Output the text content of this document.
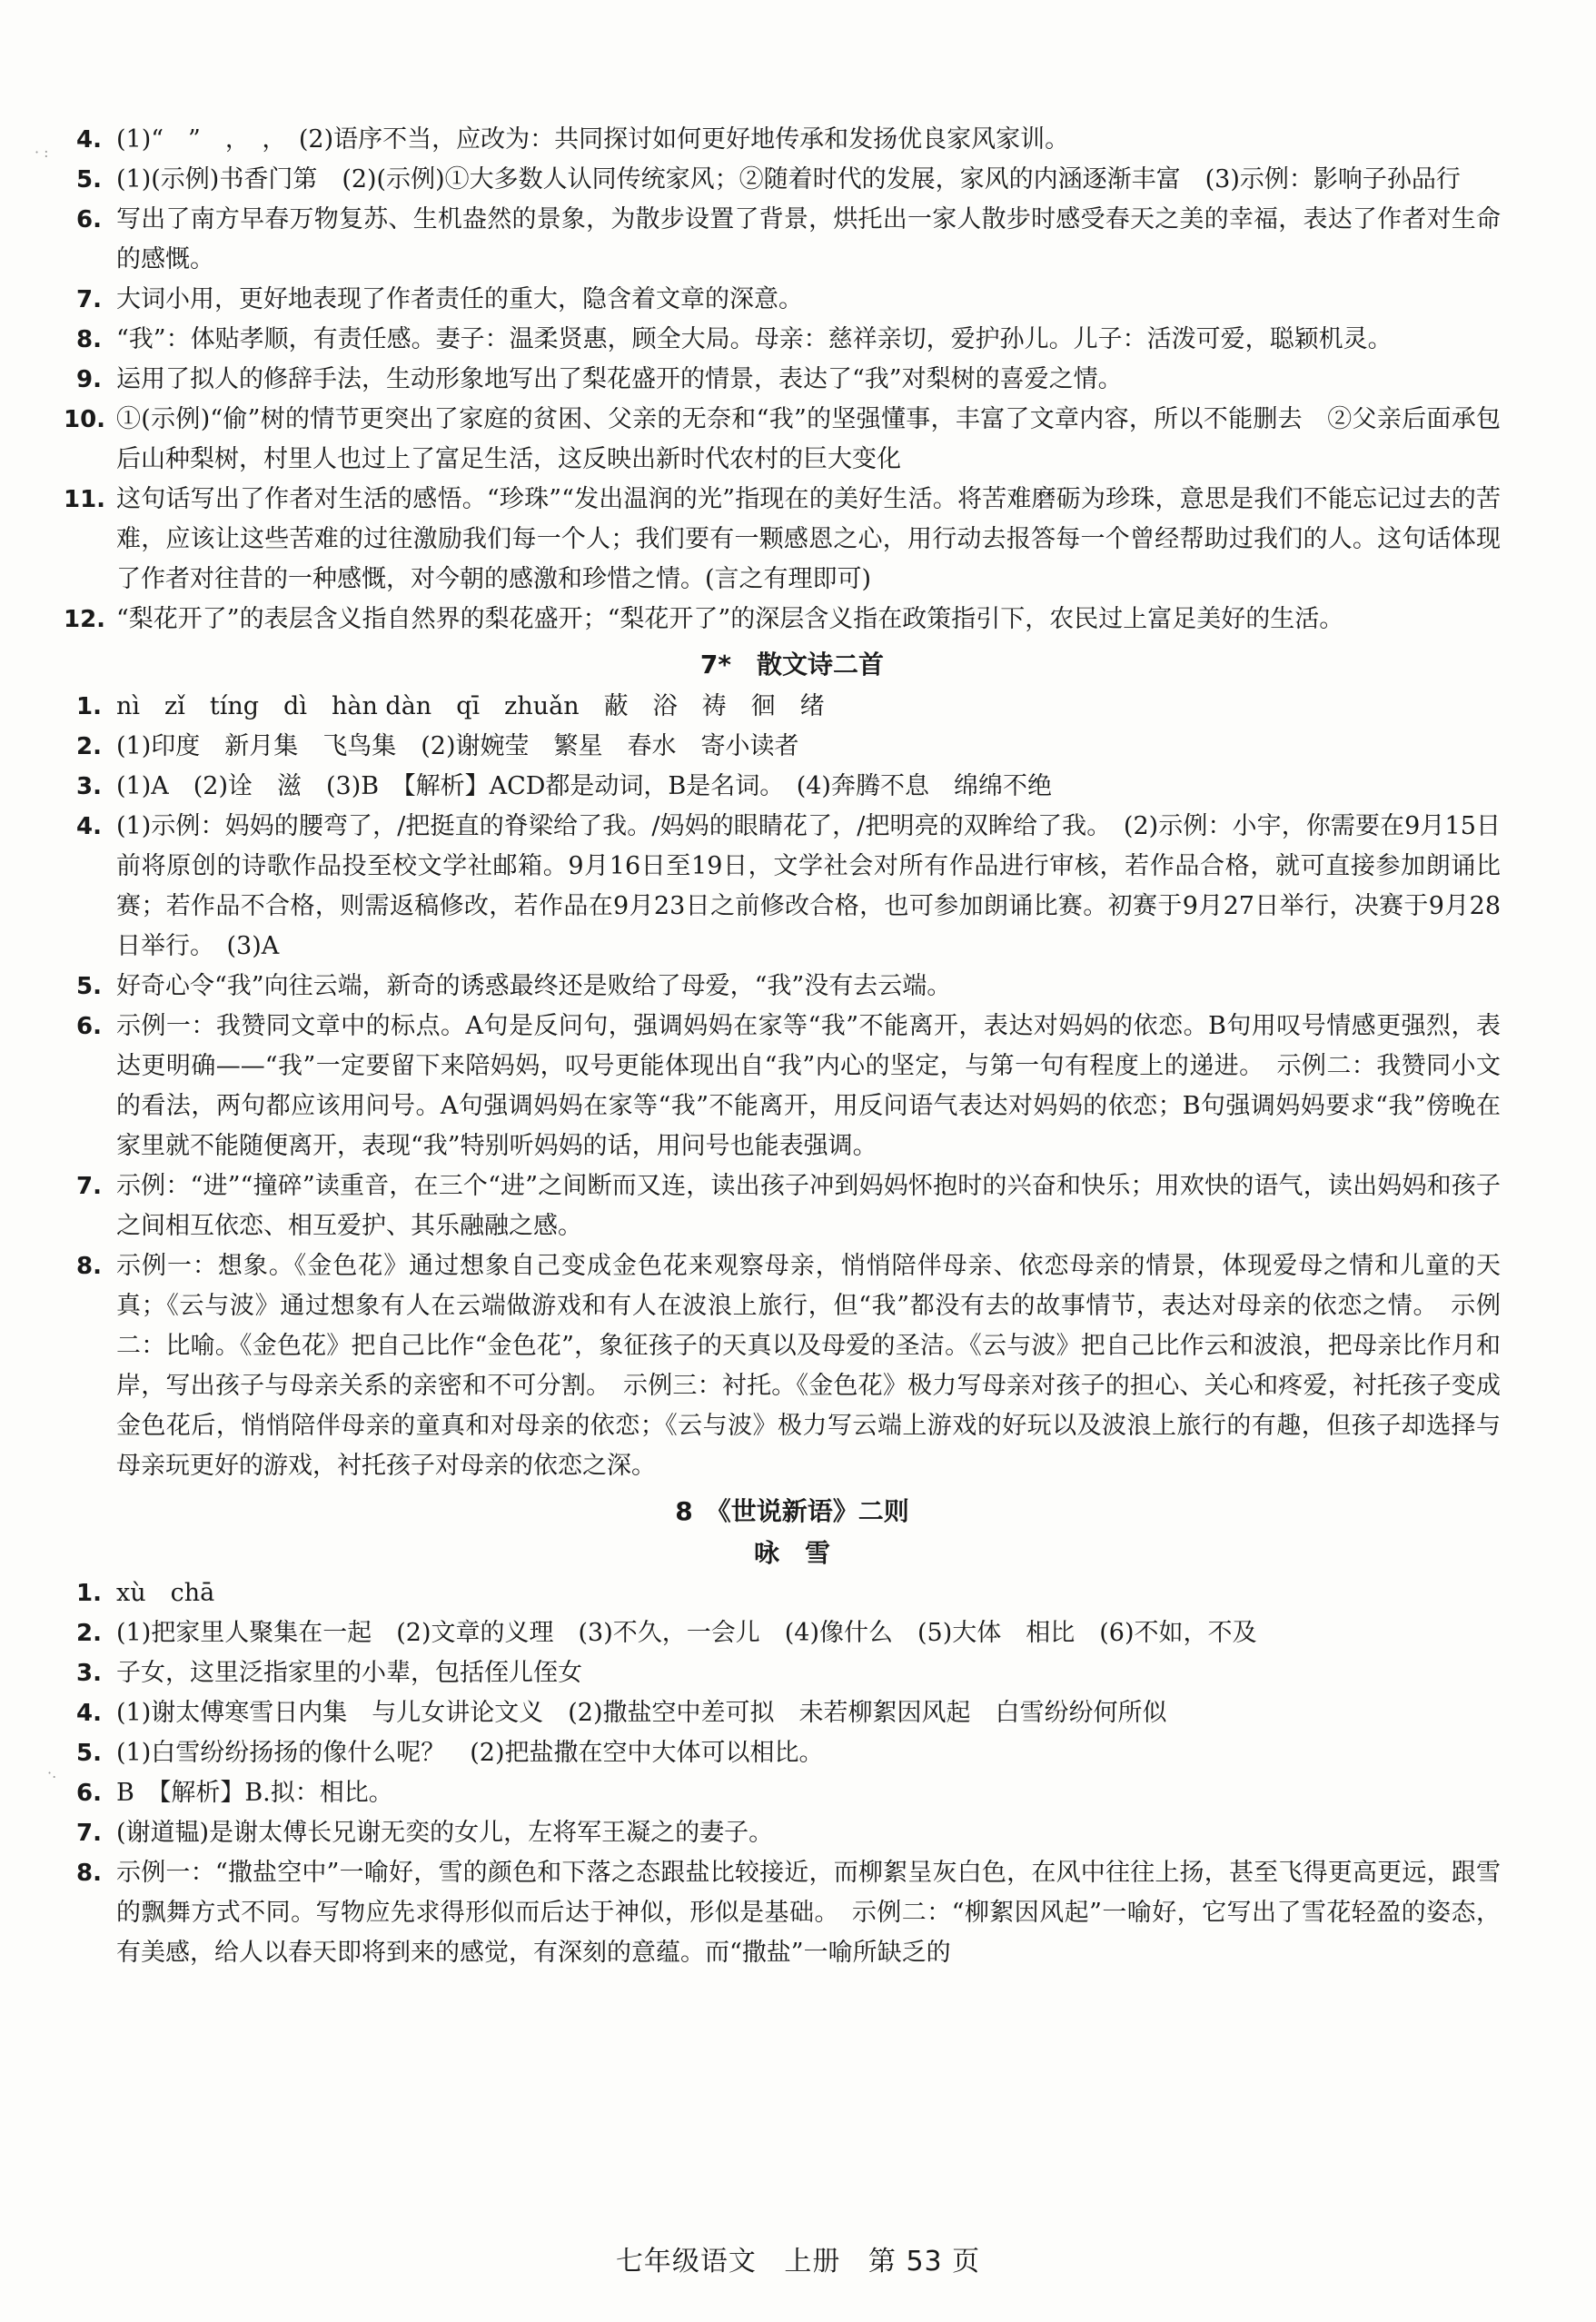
· :
·.
4. (1)“　”　，　，　(2)语序不当，应改为：共同探讨如何更好地传承和发扬优良家风家训。
5. (1)(示例)书香门第　(2)(示例)①大多数人认同传统家风；②随着时代的发展，家风的内涵逐渐丰富　(3)示例：影响子孙品行
6. 写出了南方早春万物复苏、生机盎然的景象，为散步设置了背景，烘托出一家人散步时感受春天之美的幸福，表达了作者对生命的感慨。
7. 大词小用，更好地表现了作者责任的重大，隐含着文章的深意。
8. “我”：体贴孝顺，有责任感。妻子：温柔贤惠，顾全大局。母亲：慈祥亲切，爱护孙儿。儿子：活泼可爱，聪颖机灵。
9. 运用了拟人的修辞手法，生动形象地写出了梨花盛开的情景，表达了“我”对梨树的喜爱之情。
10. ①(示例)“偷”树的情节更突出了家庭的贫困、父亲的无奈和“我”的坚强懂事，丰富了文章内容，所以不能删去　②父亲后面承包后山种梨树，村里人也过上了富足生活，这反映出新时代农村的巨大变化
11. 这句话写出了作者对生活的感悟。“珍珠”“发出温润的光”指现在的美好生活。将苦难磨砺为珍珠，意思是我们不能忘记过去的苦难，应该让这些苦难的过往激励我们每一个人；我们要有一颗感恩之心，用行动去报答每一个曾经帮助过我们的人。这句话体现了作者对往昔的一种感慨，对今朝的感激和珍惜之情。(言之有理即可)
12. “梨花开了”的表层含义指自然界的梨花盛开；“梨花开了”的深层含义指在政策指引下，农民过上富足美好的生活。
7*　散文诗二首
1. nì　zǐ　tíng　dì　hàn dàn　qī　zhuǎn　蔽　浴　祷　徊　绪
2. (1)印度　新月集　飞鸟集　(2)谢婉莹　繁星　春水　寄小读者
3. (1)A　(2)诠　滋　(3)B　【解析】ACD都是动词，B是名词。　(4)奔腾不息　绵绵不绝
4. (1)示例：妈妈的腰弯了，/把挺直的脊梁给了我。/妈妈的眼睛花了，/把明亮的双眸给了我。　(2)示例：小宇，你需要在9月15日前将原创的诗歌作品投至校文学社邮箱。9月16日至19日，文学社会对所有作品进行审核，若作品合格，就可直接参加朗诵比赛；若作品不合格，则需返稿修改，若作品在9月23日之前修改合格，也可参加朗诵比赛。初赛于9月27日举行，决赛于9月28日举行。　(3)A
5. 好奇心令“我”向往云端，新奇的诱惑最终还是败给了母爱，“我”没有去云端。
6. 示例一：我赞同文章中的标点。A句是反问句，强调妈妈在家等“我”不能离开，表达对妈妈的依恋。B句用叹号情感更强烈，表达更明确——“我”一定要留下来陪妈妈，叹号更能体现出自“我”内心的坚定，与第一句有程度上的递进。　示例二：我赞同小文的看法，两句都应该用问号。A句强调妈妈在家等“我”不能离开，用反问语气表达对妈妈的依恋；B句强调妈妈要求“我”傍晚在家里就不能随便离开，表现“我”特别听妈妈的话，用问号也能表强调。
7. 示例：“进”“撞碎”读重音，在三个“进”之间断而又连，读出孩子冲到妈妈怀抱时的兴奋和快乐；用欢快的语气，读出妈妈和孩子之间相互依恋、相互爱护、其乐融融之感。
8. 示例一：想象。《金色花》通过想象自己变成金色花来观察母亲，悄悄陪伴母亲、依恋母亲的情景，体现爱母之情和儿童的天真；《云与波》通过想象有人在云端做游戏和有人在波浪上旅行，但“我”都没有去的故事情节，表达对母亲的依恋之情。　示例二：比喻。《金色花》把自己比作“金色花”，象征孩子的天真以及母爱的圣洁。《云与波》把自己比作云和波浪，把母亲比作月和岸，写出孩子与母亲关系的亲密和不可分割。　示例三：衬托。《金色花》极力写母亲对孩子的担心、关心和疼爱，衬托孩子变成金色花后，悄悄陪伴母亲的童真和对母亲的依恋；《云与波》极力写云端上游戏的好玩以及波浪上旅行的有趣，但孩子却选择与母亲玩更好的游戏，衬托孩子对母亲的依恋之深。
8　《世说新语》二则
咏　雪
1. xù　chā
2. (1)把家里人聚集在一起　(2)文章的义理　(3)不久，一会儿　(4)像什么　(5)大体　相比　(6)不如，不及
3. 子女，这里泛指家里的小辈，包括侄儿侄女
4. (1)谢太傅寒雪日内集　与儿女讲论文义　(2)撒盐空中差可拟　未若柳絮因风起　白雪纷纷何所似
5. (1)白雪纷纷扬扬的像什么呢？　(2)把盐撒在空中大体可以相比。
6. B　【解析】B.拟：相比。
7. (谢道韫)是谢太傅长兄谢无奕的女儿，左将军王凝之的妻子。
8. 示例一：“撒盐空中”一喻好，雪的颜色和下落之态跟盐比较接近，而柳絮呈灰白色，在风中往往上扬，甚至飞得更高更远，跟雪的飘舞方式不同。写物应先求得形似而后达于神似，形似是基础。　示例二：“柳絮因风起”一喻好，它写出了雪花轻盈的姿态，有美感，给人以春天即将到来的感觉，有深刻的意蕴。而“撒盐”一喻所缺乏的
七年级语文 上册 第 53 页
